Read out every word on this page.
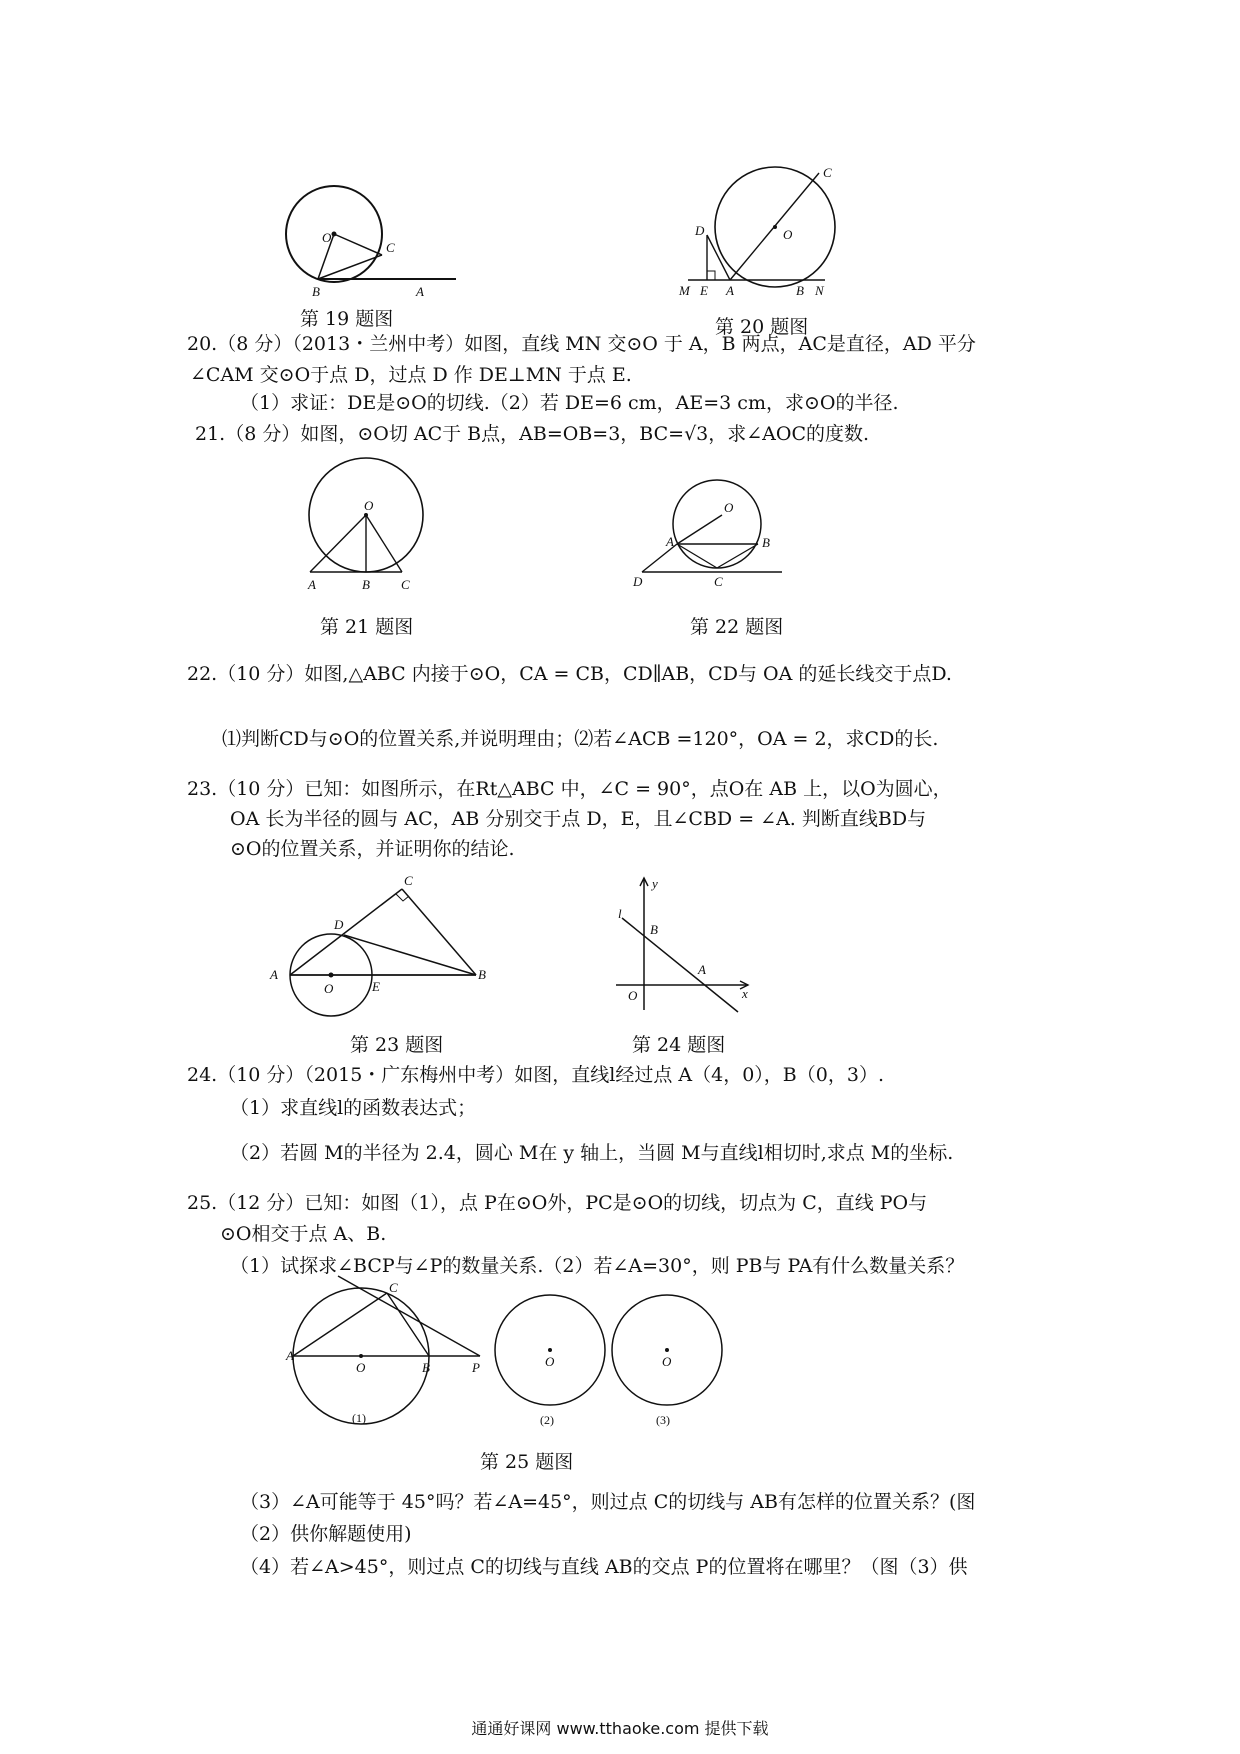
O
C
B	A
第 19 题图
C
O
D
M E A	B N
第 20 题图
20.（8 分）（2013・兰州中考）如图，直线 MN 交⊙O 于 A，B 两点，AC是直径，AD 平分
∠CAM 交⊙O于点 D，过点 D 作 DE⊥MN 于点 E.
（1）求证：DE是⊙O的切线.（2）若 DE=6 cm，AE=3 cm，求⊙O的半径.
21.（8 分）如图，⊙O切 AC于 B点，AB=OB=3，BC=√3，求∠AOC的度数.
O
A	B C
第 21 题图
O
A	B
D	C
第 22 题图
22.（10 分）如图,△ABC 内接于⊙O，CA = CB，CD∥AB，CD与 OA 的延长线交于点D.
⑴判断CD与⊙O的位置关系,并说明理由；⑵若∠ACB =120°，OA = 2，求CD的长.
23.（10 分）已知：如图所示，在Rt△ABC 中，∠C = 90°，点O在 AB 上，以O为圆心，
OA 长为半径的圆与 AC，AB 分别交于点 D，E，且∠CBD = ∠A. 判断直线BD与
⊙O的位置关系，并证明你的结论.
C
D
A
O	E
B
第 23 题图
y
l
B
A
O	x
第 24 题图
24.（10 分）（2015・广东梅州中考）如图，直线l经过点 A（4，0），B（0，3）.
（1）求直线l的函数表达式；
（2）若圆 M的半径为 2.4，圆心 M在 y 轴上，当圆 M与直线l相切时,求点 M的坐标.
25.（12 分）已知：如图（1），点 P在⊙O外，PC是⊙O的切线，切点为 C，直线 PO与
⊙O相交于点 A、B.
（1）试探求∠BCP与∠P的数量关系.（2）若∠A=30°，则 PB与 PA有什么数量关系？
C
A
O	B	P	O	O
(1)	(2)	(3)
第 25 题图
（3）∠A可能等于 45°吗？若∠A=45°，则过点 C的切线与 AB有怎样的位置关系？(图
（2）供你解题使用)
（4）若∠A>45°，则过点 C的切线与直线 AB的交点 P的位置将在哪里？（图（3）供
通通好课网 www.tthaoke.com 提供下载
